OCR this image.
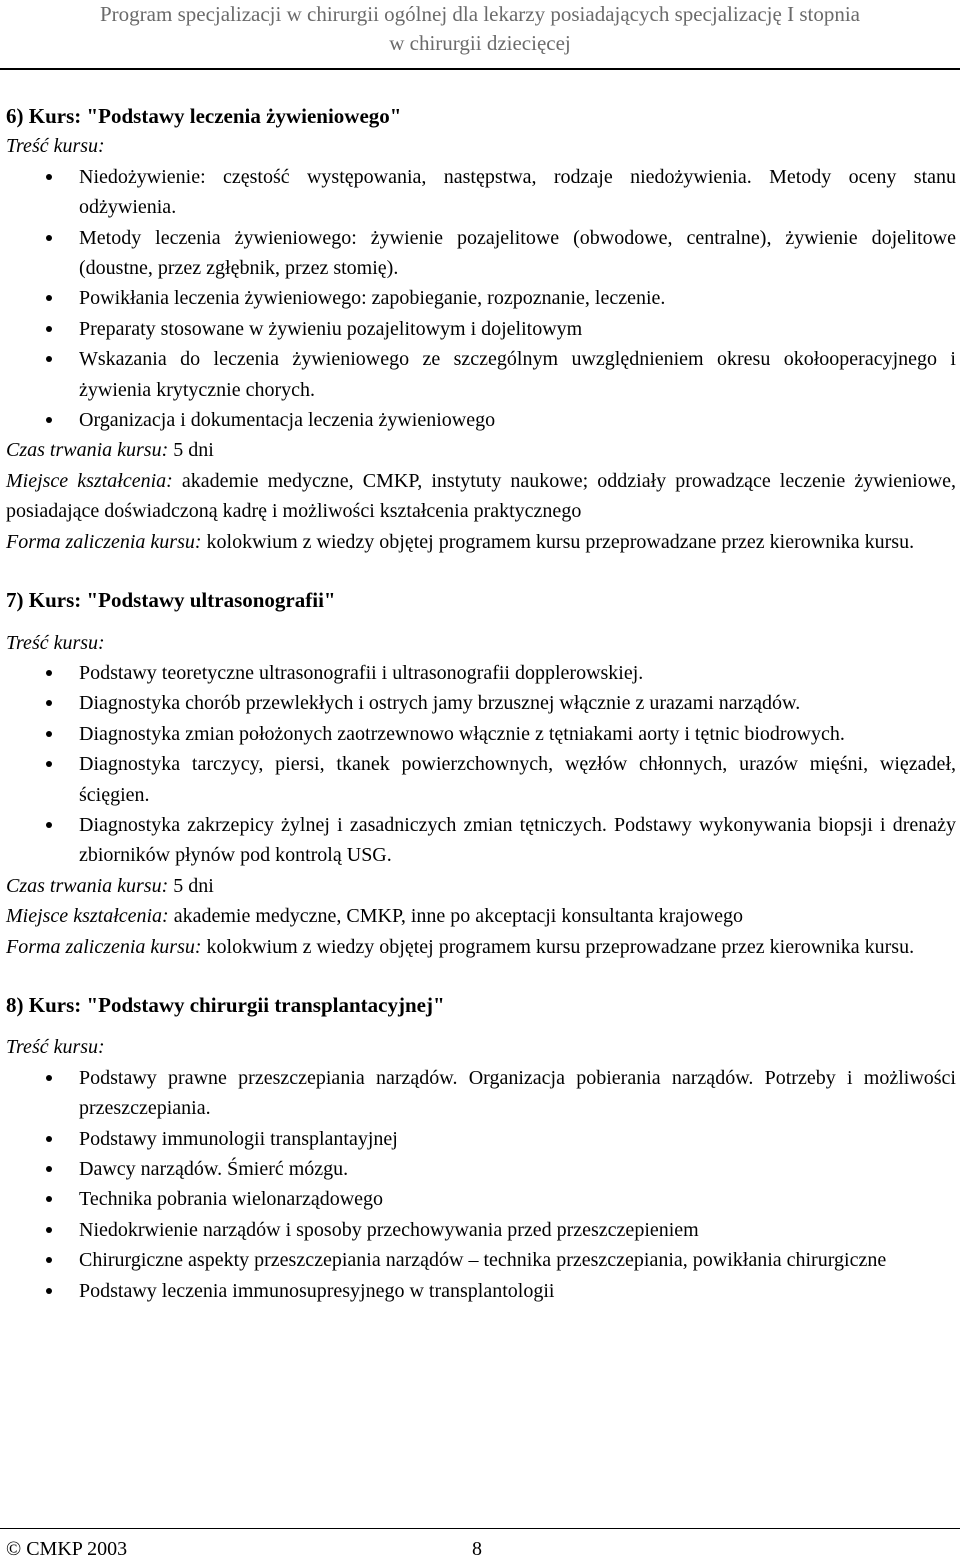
Program specjalizacji w chirurgii ogólnej dla lekarzy posiadających specjalizację I stopnia
w chirurgii dziecięcej

6) Kurs: "Podstawy leczenia żywieniowego"

Treść kursu:

Niedożywienie: częstość występowania, następstwa, rodzaje niedożywienia. Metody oceny stanu odżywienia.
Metody leczenia żywieniowego: żywienie pozajelitowe (obwodowe, centralne), żywienie dojelitowe (doustne, przez zgłębnik, przez stomię).
Powikłania leczenia żywieniowego: zapobieganie, rozpoznanie, leczenie.
Preparaty stosowane w żywieniu pozajelitowym i dojelitowym
Wskazania do leczenia żywieniowego ze szczególnym uwzględnieniem okresu okołooperacyjnego i żywienia krytycznie chorych.
Organizacja i dokumentacja leczenia żywieniowego

Czas trwania kursu: 5 dni

Miejsce kształcenia: akademie medyczne, CMKP, instytuty naukowe; oddziały prowadzące leczenie żywieniowe, posiadające doświadczoną kadrę i możliwości kształcenia praktycznego

Forma zaliczenia kursu: kolokwium z wiedzy objętej programem kursu przeprowadzane przez kierownika kursu.

7) Kurs: "Podstawy ultrasonografii"

Treść kursu:

Podstawy teoretyczne ultrasonografii i ultrasonografii dopplerowskiej.
Diagnostyka chorób przewlekłych i ostrych jamy brzusznej włącznie z urazami narządów.
Diagnostyka zmian położonych zaotrzewnowo włącznie z tętniakami aorty i tętnic biodrowych.
Diagnostyka tarczycy, piersi, tkanek powierzchownych, węzłów chłonnych, urazów mięśni, więzadeł, ścięgien.
Diagnostyka zakrzepicy żylnej i zasadniczych zmian tętniczych. Podstawy wykonywania biopsji i drenaży zbiorników płynów pod kontrolą USG.

Czas trwania kursu: 5 dni

Miejsce kształcenia: akademie medyczne, CMKP, inne po akceptacji konsultanta krajowego

Forma zaliczenia kursu: kolokwium z wiedzy objętej programem kursu przeprowadzane przez kierownika kursu.

8) Kurs: "Podstawy chirurgii transplantacyjnej"

Treść kursu:

Podstawy prawne przeszczepiania narządów. Organizacja pobierania narządów. Potrzeby i możliwości przeszczepiania.
Podstawy immunologii transplantayjnej
Dawcy narządów. Śmierć mózgu.
Technika pobrania wielonarządowego
Niedokrwienie narządów i sposoby przechowywania przed przeszczepieniem
Chirurgiczne aspekty przeszczepiania narządów – technika przeszczepiania, powikłania chirurgiczne
Podstawy leczenia immunosupresyjnego w transplantologii
© CMKP 2003	8
